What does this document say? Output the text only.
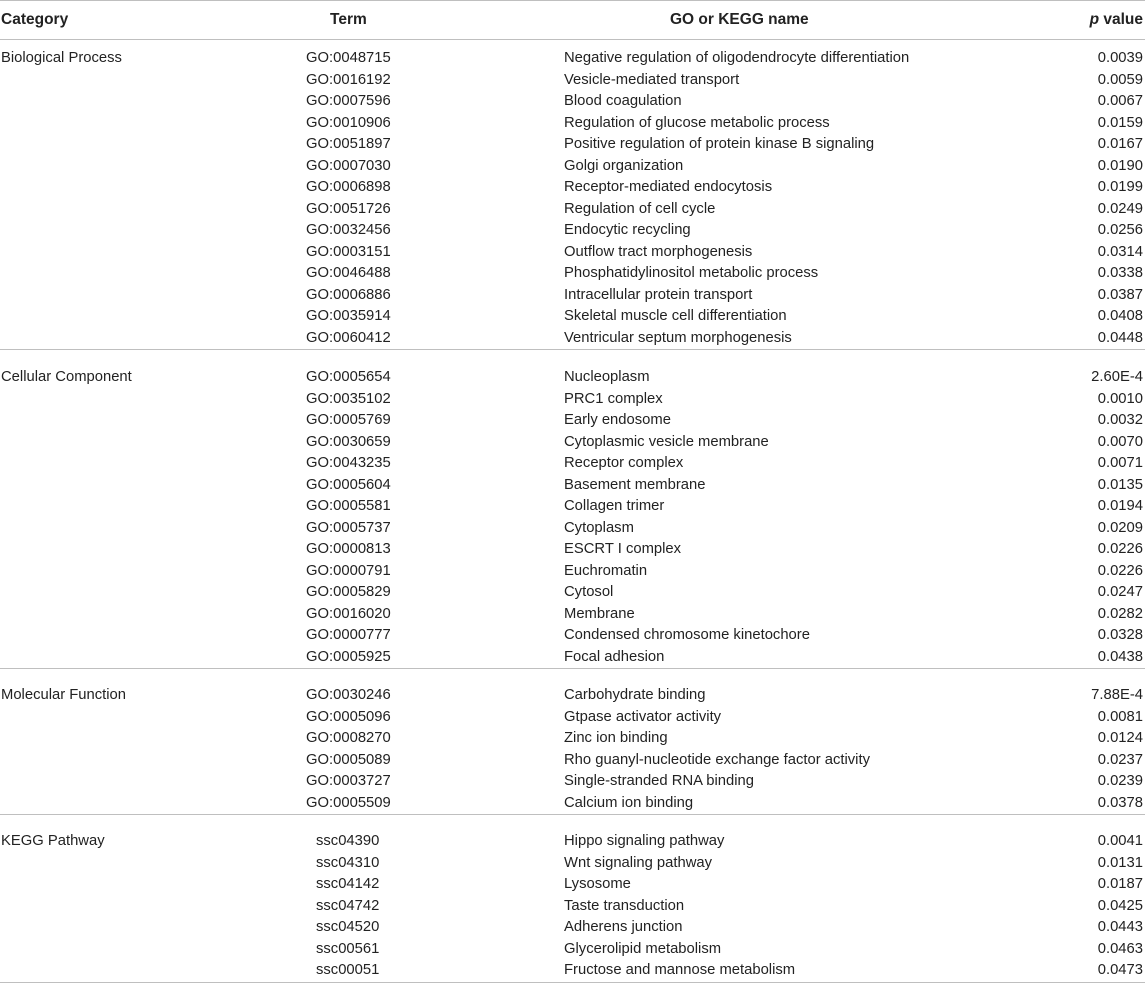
Category	Term	GO or KEGG name	p value
Biological Process	GO:0048715	Negative regulation of oligodendrocyte differentiation	0.0039
GO:0016192	Vesicle-mediated transport	0.0059
GO:0007596	Blood coagulation	0.0067
GO:0010906	Regulation of glucose metabolic process	0.0159
GO:0051897	Positive regulation of protein kinase B signaling	0.0167
GO:0007030	Golgi organization	0.0190
GO:0006898	Receptor-mediated endocytosis	0.0199
GO:0051726	Regulation of cell cycle	0.0249
GO:0032456	Endocytic recycling	0.0256
GO:0003151	Outflow tract morphogenesis	0.0314
GO:0046488	Phosphatidylinositol metabolic process	0.0338
GO:0006886	Intracellular protein transport	0.0387
GO:0035914	Skeletal muscle cell differentiation	0.0408
GO:0060412	Ventricular septum morphogenesis	0.0448
Cellular Component	GO:0005654	Nucleoplasm	2.60E-4
GO:0035102	PRC1 complex	0.0010
GO:0005769	Early endosome	0.0032
GO:0030659	Cytoplasmic vesicle membrane	0.0070
GO:0043235	Receptor complex	0.0071
GO:0005604	Basement membrane	0.0135
GO:0005581	Collagen trimer	0.0194
GO:0005737	Cytoplasm	0.0209
GO:0000813	ESCRT I complex	0.0226
GO:0000791	Euchromatin	0.0226
GO:0005829	Cytosol	0.0247
GO:0016020	Membrane	0.0282
GO:0000777	Condensed chromosome kinetochore	0.0328
GO:0005925	Focal adhesion	0.0438
Molecular Function	GO:0030246	Carbohydrate binding	7.88E-4
GO:0005096	Gtpase activator activity	0.0081
GO:0008270	Zinc ion binding	0.0124
GO:0005089	Rho guanyl-nucleotide exchange factor activity	0.0237
GO:0003727	Single-stranded RNA binding	0.0239
GO:0005509	Calcium ion binding	0.0378
KEGG Pathway	ssc04390	Hippo signaling pathway	0.0041
ssc04310	Wnt signaling pathway	0.0131
ssc04142	Lysosome	0.0187
ssc04742	Taste transduction	0.0425
ssc04520	Adherens junction	0.0443
ssc00561	Glycerolipid metabolism	0.0463
ssc00051	Fructose and mannose metabolism	0.0473
